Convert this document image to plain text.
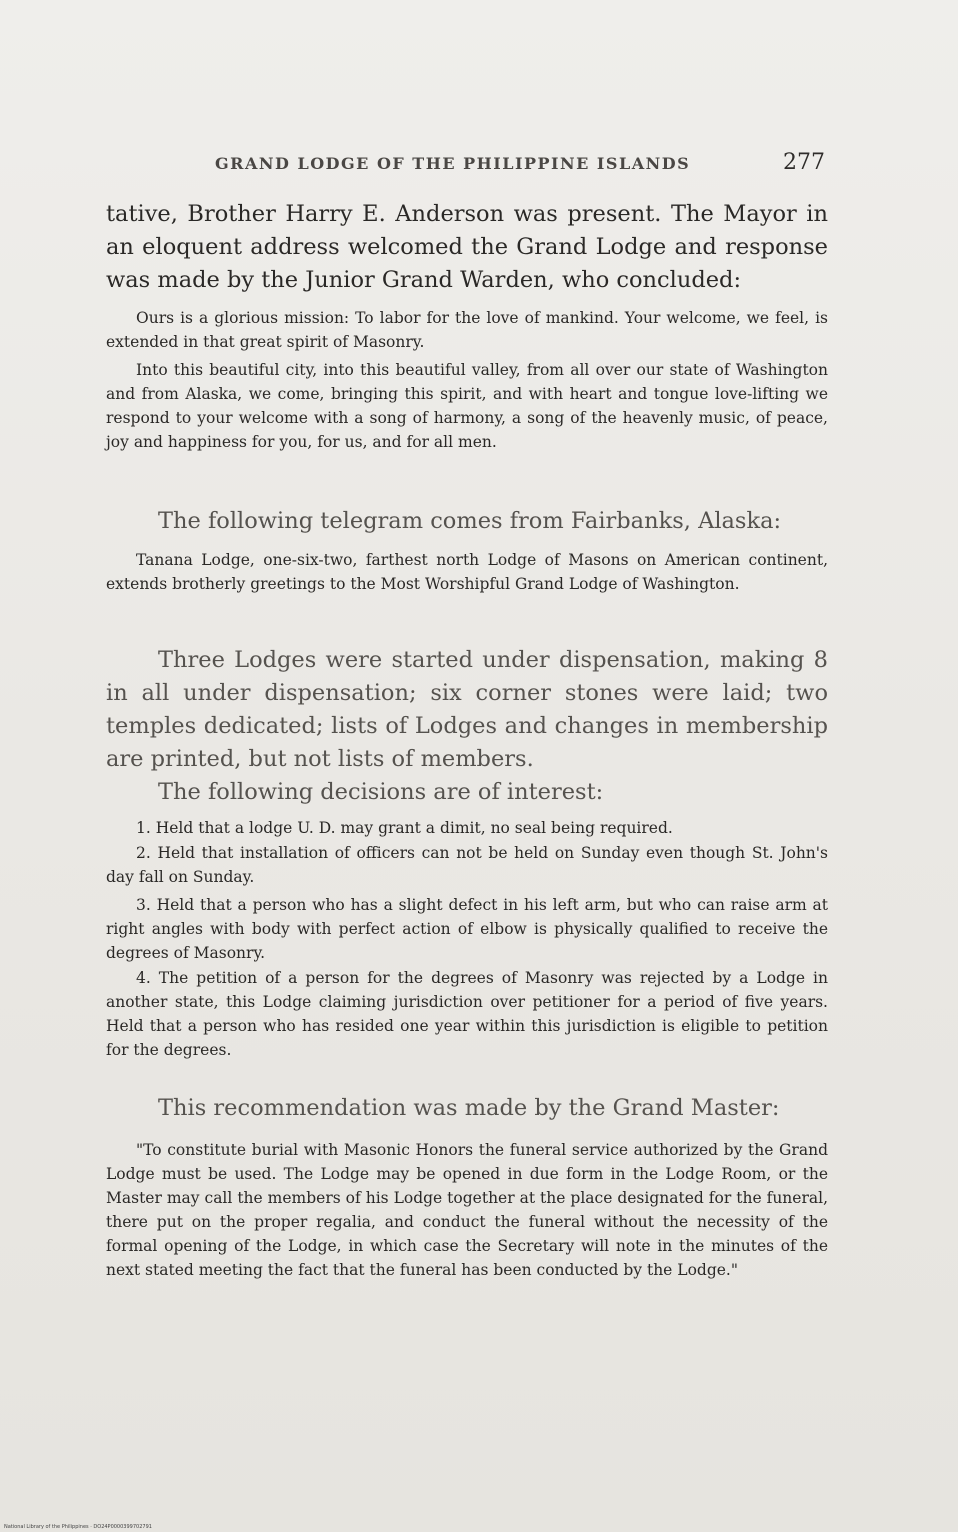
GRAND LODGE OF THE PHILIPPINE ISLANDS	277

tative, Brother Harry E. Anderson was present. The Mayor in an eloquent address welcomed the Grand Lodge and response was made by the Junior Grand Warden, who concluded:

Ours is a glorious mission: To labor for the love of mankind. Your welcome, we feel, is extended in that great spirit of Masonry.

Into this beautiful city, into this beautiful valley, from all over our state of Washington and from Alaska, we come, bringing this spirit, and with heart and tongue love-lifting we respond to your welcome with a song of harmony, a song of the heavenly music, of peace, joy and happiness for you, for us, and for all men.

The following telegram comes from Fairbanks, Alaska:

Tanana Lodge, one-six-two, farthest north Lodge of Masons on American continent, extends brotherly greetings to the Most Worshipful Grand Lodge of Washington.

Three Lodges were started under dispensation, making 8 in all under dispensation; six corner stones were laid; two temples dedicated; lists of Lodges and changes in membership are printed, but not lists of members.

The following decisions are of interest:

1. Held that a lodge U. D. may grant a dimit, no seal being required.

2. Held that installation of officers can not be held on Sunday even though St. John's day fall on Sunday.

3. Held that a person who has a slight defect in his left arm, but who can raise arm at right angles with body with perfect action of elbow is physically qualified to receive the degrees of Masonry.

4. The petition of a person for the degrees of Masonry was rejected by a Lodge in another state, this Lodge claiming jurisdiction over petitioner for a period of five years. Held that a person who has resided one year within this jurisdiction is eligible to petition for the degrees.

This recommendation was made by the Grand Master:

"To constitute burial with Masonic Honors the funeral service authorized by the Grand Lodge must be used. The Lodge may be opened in due form in the Lodge Room, or the Master may call the members of his Lodge together at the place designated for the funeral, there put on the proper regalia, and conduct the funeral without the necessity of the formal opening of the Lodge, in which case the Secretary will note in the minutes of the next stated meeting the fact that the funeral has been conducted by the Lodge."

National Library of the Philippines · DO24P0000399702791
